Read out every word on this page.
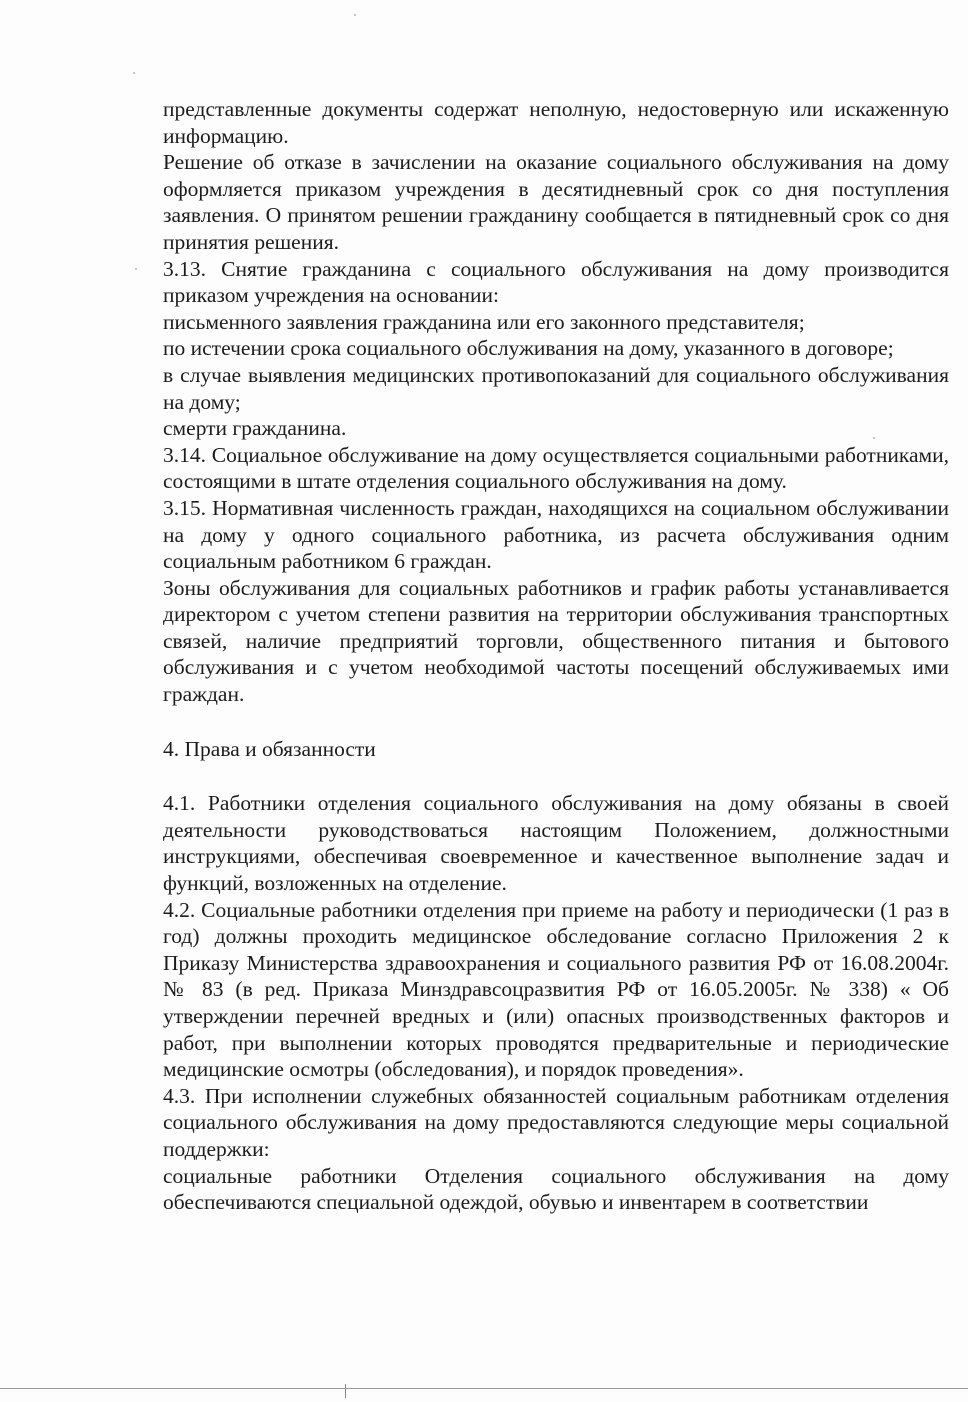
представленные документы содержат неполную, недостоверную или искаженную информацию.

Решение об отказе в зачислении на оказание социального обслуживания на дому оформляется приказом учреждения в десятидневный срок со дня поступления заявления. О принятом решении гражданину сообщается в пятидневный срок со дня принятия решения.

3.13. Снятие гражданина с социального обслуживания на дому производится приказом учреждения на основании:

письменного заявления гражданина или его законного представителя;

по истечении срока социального обслуживания на дому, указанного в договоре;

в случае выявления медицинских противопоказаний для социального обслуживания на дому;

смерти гражданина.

3.14. Социальное обслуживание на дому осуществляется социальными работниками, состоящими в штате отделения социального обслуживания на дому.

3.15. Нормативная численность граждан, находящихся на социальном обслуживании на дому у одного социального работника, из расчета обслуживания одним социальным работником 6 граждан.

Зоны обслуживания для социальных работников и график работы устанавливается директором с учетом степени развития на территории обслуживания транспортных связей, наличие предприятий торговли, общественного питания и бытового обслуживания и с учетом необходимой частоты посещений обслуживаемых ими граждан.

4. Права и обязанности

4.1. Работники отделения социального обслуживания на дому обязаны в своей деятельности руководствоваться настоящим Положением, должностными инструкциями, обеспечивая своевременное и качественное выполнение задач и функций, возложенных на отделение.

4.2. Социальные работники отделения при приеме на работу и периодически (1 раз в год) должны проходить медицинское обследование согласно Приложения 2 к Приказу Министерства здравоохранения и социального развития РФ от 16.08.2004г. № 83 (в ред. Приказа Минздравсоцразвития РФ от 16.05.2005г. № 338) « Об утверждении перечней вредных и (или) опасных производственных факторов и работ, при выполнении которых проводятся предварительные и периодические медицинские осмотры (обследования), и порядок проведения».

4.3. При исполнении служебных обязанностей социальным работникам отделения социального обслуживания на дому предоставляются следующие меры социальной поддержки:

социальные работники Отделения социального обслуживания на дому обеспечиваются специальной одеждой, обувью и инвентарем в соответствии
